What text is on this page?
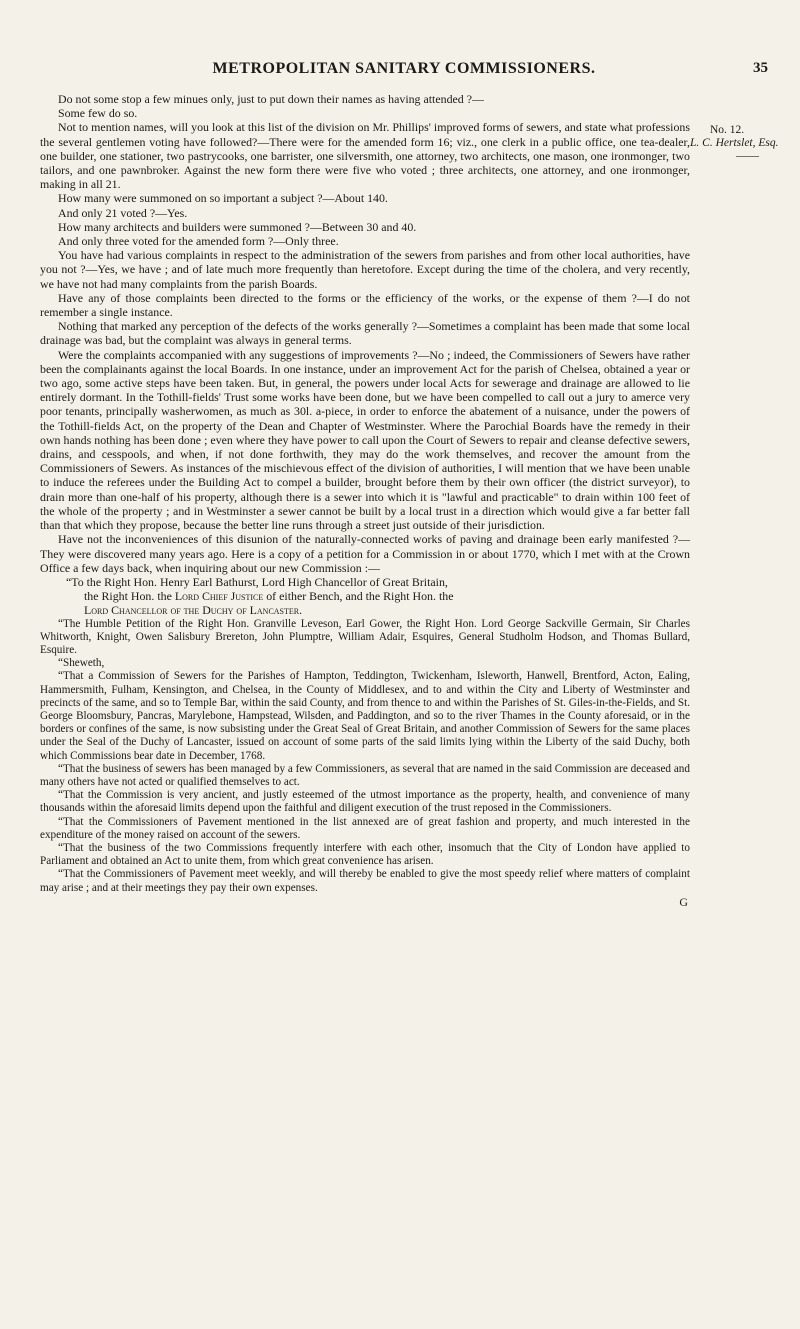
METROPOLITAN SANITARY COMMISSIONERS.	35
No. 12.
L. C. Hertslet, Esq.
——

Do not some stop a few minues only, just to put down their names as having attended ?—

Some few do so.

Not to mention names, will you look at this list of the division on Mr. Phillips' improved forms of sewers, and state what professions the several gentlemen voting have followed?—There were for the amended form 16; viz., one clerk in a public office, one tea-dealer, one builder, one stationer, two pastrycooks, one barrister, one silversmith, one attorney, two architects, one mason, one ironmonger, two tailors, and one pawnbroker. Against the new form there were five who voted ; three architects, one attorney, and one ironmonger, making in all 21.

How many were summoned on so important a subject ?—About 140.

And only 21 voted ?—Yes.

How many architects and builders were summoned ?—Between 30 and 40.

And only three voted for the amended form ?—Only three.

You have had various complaints in respect to the administration of the sewers from parishes and from other local authorities, have you not ?—Yes, we have ; and of late much more frequently than heretofore. Except during the time of the cholera, and very recently, we have not had many complaints from the parish Boards.

Have any of those complaints been directed to the forms or the efficiency of the works, or the expense of them ?—I do not remember a single instance.

Nothing that marked any perception of the defects of the works generally ?—Sometimes a complaint has been made that some local drainage was bad, but the complaint was always in general terms.

Were the complaints accompanied with any suggestions of improvements ?—No ; indeed, the Commissioners of Sewers have rather been the complainants against the local Boards. In one instance, under an improvement Act for the parish of Chelsea, obtained a year or two ago, some active steps have been taken. But, in general, the powers under local Acts for sewerage and drainage are allowed to lie entirely dormant. In the Tothill-fields' Trust some works have been done, but we have been compelled to call out a jury to amerce very poor tenants, principally washerwomen, as much as 30l. a-piece, in order to enforce the abatement of a nuisance, under the powers of the Tothill-fields Act, on the property of the Dean and Chapter of Westminster. Where the Parochial Boards have the remedy in their own hands nothing has been done ; even where they have power to call upon the Court of Sewers to repair and cleanse defective sewers, drains, and cesspools, and when, if not done forthwith, they may do the work themselves, and recover the amount from the Commissioners of Sewers. As instances of the mischievous effect of the division of authorities, I will mention that we have been unable to induce the referees under the Building Act to compel a builder, brought before them by their own officer (the district surveyor), to drain more than one-half of his property, although there is a sewer into which it is "lawful and practicable" to drain within 100 feet of the whole of the property ; and in Westminster a sewer cannot be built by a local trust in a direction which would give a far better fall than that which they propose, because the better line runs through a street just outside of their jurisdiction.

Have not the inconveniences of this disunion of the naturally-connected works of paving and drainage been early manifested ?—They were discovered many years ago. Here is a copy of a petition for a Commission in or about 1770, which I met with at the Crown Office a few days back, when inquiring about our new Commission :—

“To the Right Hon. Henry Earl Bathurst, Lord High Chancellor of Great Britain,

the Right Hon. the Lord Chief Justice of either Bench, and the Right Hon. the

Lord Chancellor of the Duchy of Lancaster.

“The Humble Petition of the Right Hon. Granville Leveson, Earl Gower, the Right Hon. Lord George Sackville Germain, Sir Charles Whitworth, Knight, Owen Salisbury Brereton, John Plumptre, William Adair, Esquires, General Studholm Hodson, and Thomas Bullard, Esquire.

“Sheweth,

“That a Commission of Sewers for the Parishes of Hampton, Teddington, Twickenham, Isleworth, Hanwell, Brentford, Acton, Ealing, Hammersmith, Fulham, Kensington, and Chelsea, in the County of Middlesex, and to and within the City and Liberty of Westminster and precincts of the same, and so to Temple Bar, within the said County, and from thence to and within the Parishes of St. Giles-in-the-Fields, and St. George Bloomsbury, Pancras, Marylebone, Hampstead, Wilsden, and Paddington, and so to the river Thames in the County aforesaid, or in the borders or confines of the same, is now subsisting under the Great Seal of Great Britain, and another Commission of Sewers for the same places under the Seal of the Duchy of Lancaster, issued on account of some parts of the said limits lying within the Liberty of the said Duchy, both which Commissions bear date in December, 1768.

“That the business of sewers has been managed by a few Commissioners, as several that are named in the said Commission are deceased and many others have not acted or qualified themselves to act.

“That the Commission is very ancient, and justly esteemed of the utmost importance as the property, health, and convenience of many thousands within the aforesaid limits depend upon the faithful and diligent execution of the trust reposed in the Commissioners.

“That the Commissioners of Pavement mentioned in the list annexed are of great fashion and property, and much interested in the expenditure of the money raised on account of the sewers.

“That the business of the two Commissions frequently interfere with each other, insomuch that the City of London have applied to Parliament and obtained an Act to unite them, from which great convenience has arisen.

“That the Commissioners of Pavement meet weekly, and will thereby be enabled to give the most speedy relief where matters of complaint may arise ; and at their meetings they pay their own expenses.

G
